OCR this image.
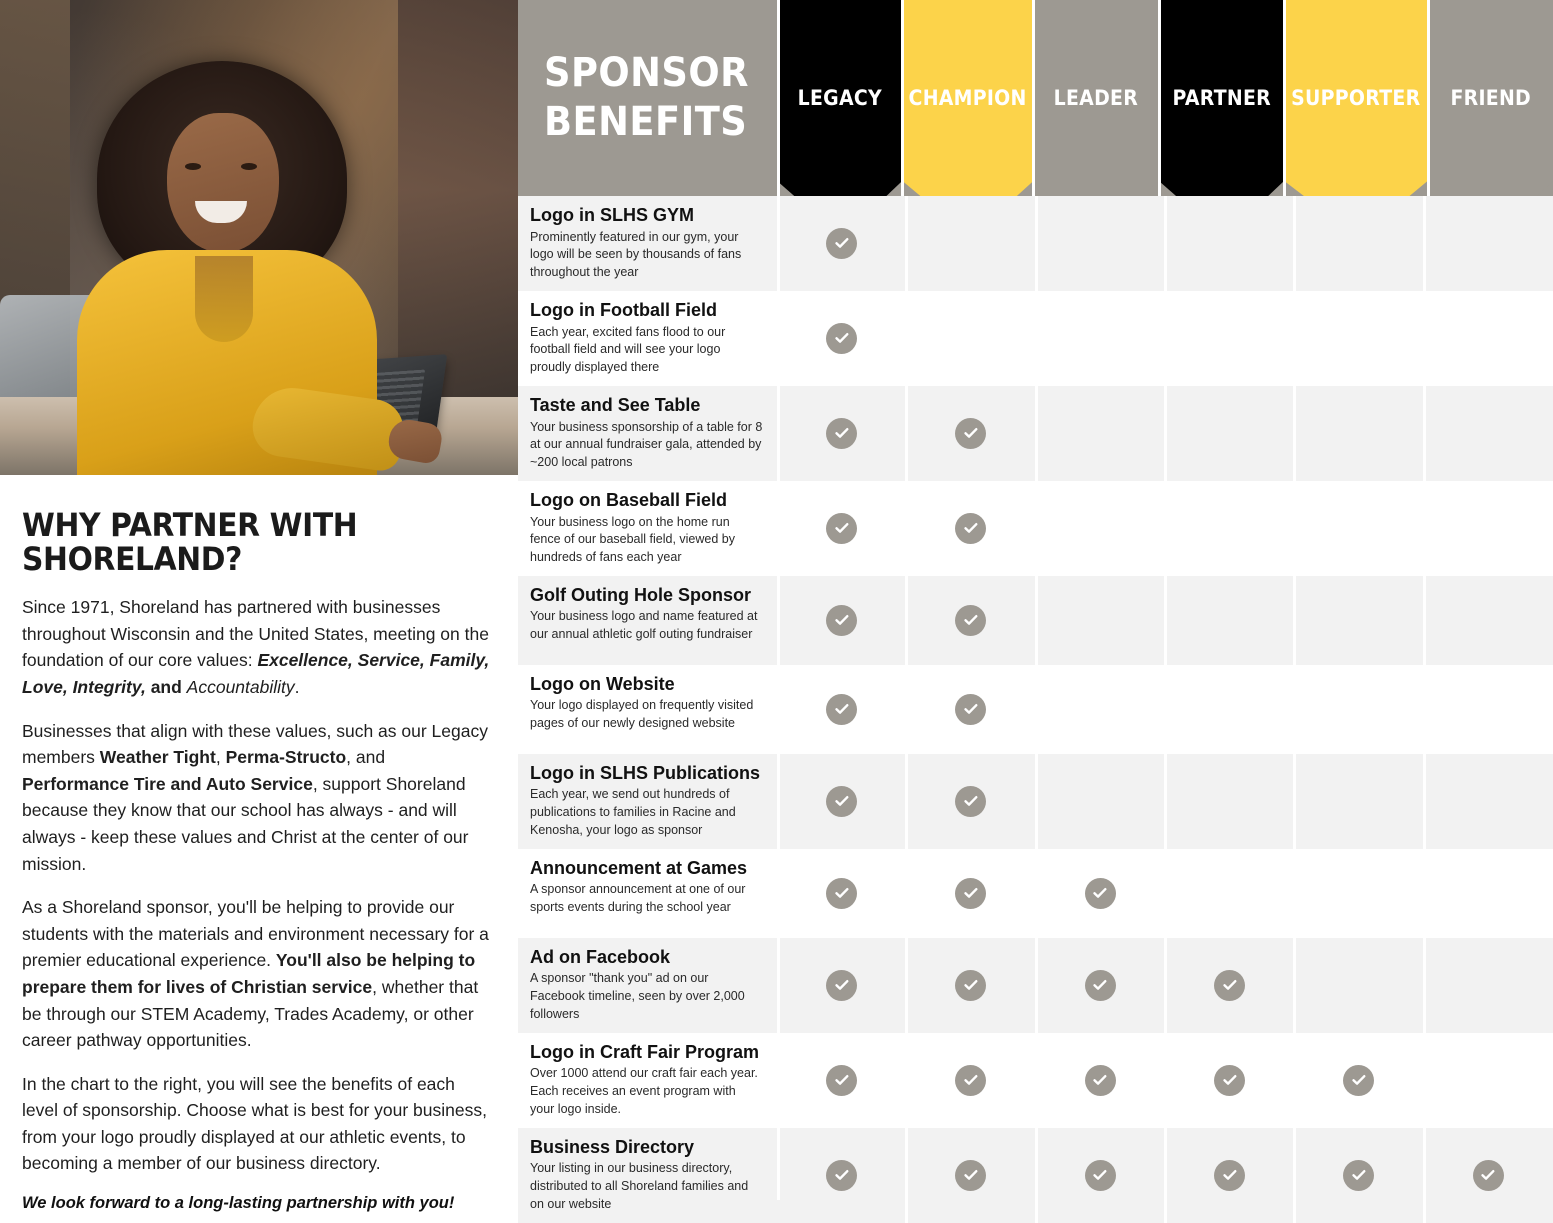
WHY PARTNER WITH SHORELAND?

Since 1971, Shoreland has partnered with businesses throughout Wisconsin and the United States, meeting on the foundation of our core values: Excellence, Service, Family, Love, Integrity, and Accountability.

Businesses that align with these values, such as our Legacy members Weather Tight, Perma-Structo, and Performance Tire and Auto Service, support Shoreland because they know that our school has always - and will always - keep these values and Christ at the center of our mission.

As a Shoreland sponsor, you'll be helping to provide our students with the materials and environment necessary for a premier educational experience. You'll also be helping to prepare them for lives of Christian service, whether that be through our STEM Academy, Trades Academy, or other career pathway opportunities.

In the chart to the right, you will see the benefits of each level of sponsorship. Choose what is best for your business, from your logo proudly displayed at our athletic events, to becoming a member of our business directory.

We look forward to a long-lasting partnership with you!

SPONSOR
BENEFITS
LEGACY CHAMPION LEADER PARTNER SUPPORTER FRIEND
Logo in SLHS GYM
Prominently featured in our gym, your logo will be seen by thousands of fans throughout the year
Logo in Football Field
Each year, excited fans flood to our football field and will see your logo proudly displayed there
Taste and See Table
Your business sponsorship of a table for 8 at our annual fundraiser gala, attended by ~200 local patrons
Logo on Baseball Field
Your business logo on the home run fence of our baseball field, viewed by hundreds of fans each year
Golf Outing Hole Sponsor
Your business logo and name featured at our annual athletic golf outing fundraiser
Logo on Website
Your logo displayed on frequently visited pages of our newly designed website
Logo in SLHS Publications
Each year, we send out hundreds of publications to families in Racine and Kenosha, your logo as sponsor
Announcement at Games
A sponsor announcement at one of our sports events during the school year
Ad on Facebook
A sponsor "thank you" ad on our Facebook timeline, seen by over 2,000 followers
Logo in Craft Fair Program
Over 1000 attend our craft fair each year. Each receives an event program with your logo inside.
Business Directory
Your listing in our business directory, distributed to all Shoreland families and on our website
